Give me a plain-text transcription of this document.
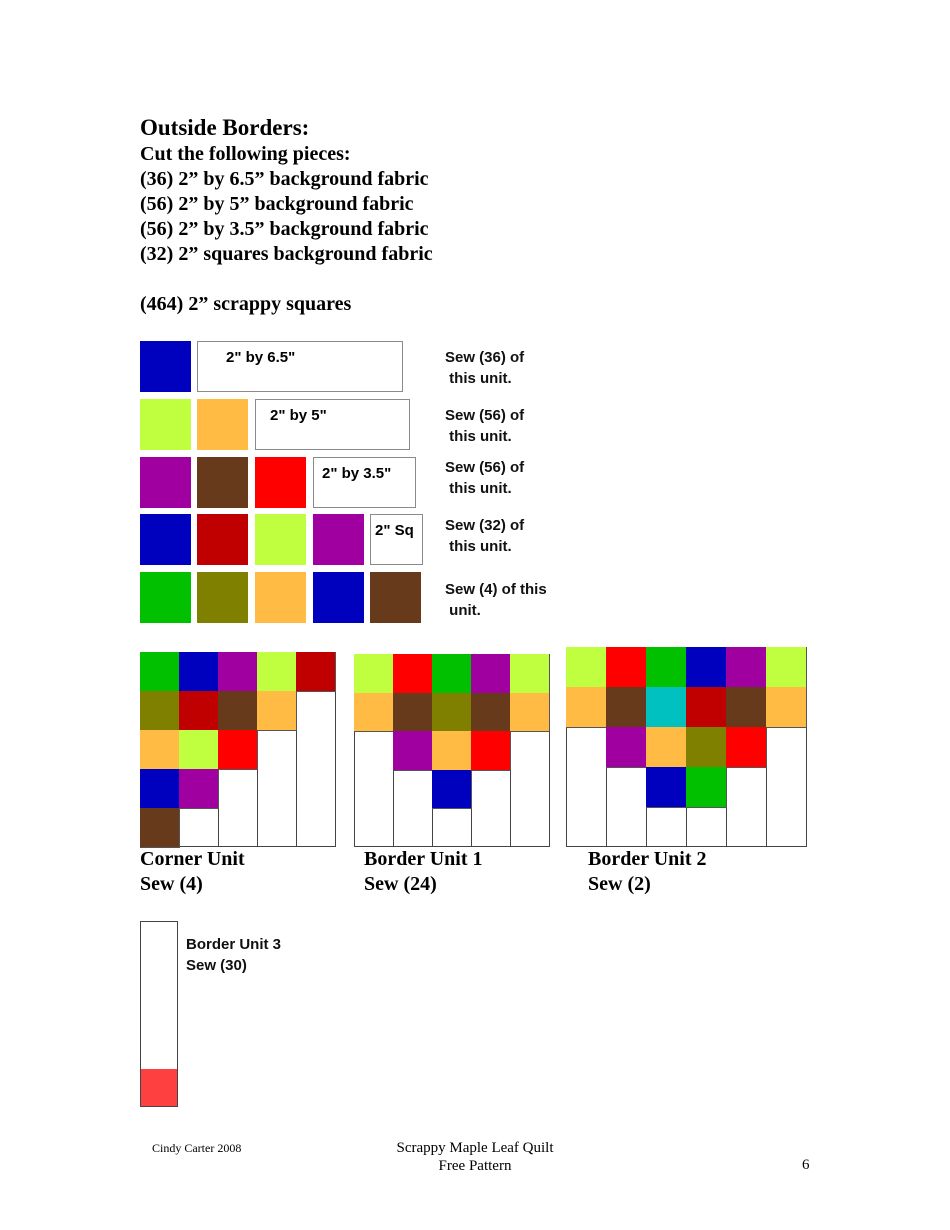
Outside Borders:
Cut the following pieces:
(36) 2” by 6.5” background fabric
(56) 2” by 5” background fabric
(56) 2” by 3.5” background fabric
(32) 2” squares background fabric
(464) 2” scrappy squares
2" by 6.5"	Sew (36) of
this unit.
2" by 5"	Sew (56) of
this unit.
2" by 3.5"	Sew (56) of
this unit.
2" Sq	Sew (32) of
this unit.
Sew (4) of this
unit.
Corner Unit
Sew (4)
Border Unit 1
Sew (24)
Border Unit 2
Sew (2)
Border Unit 3
Sew (30)
Cindy Carter 2008	Scrappy Maple Leaf Quilt
Free Pattern	6
